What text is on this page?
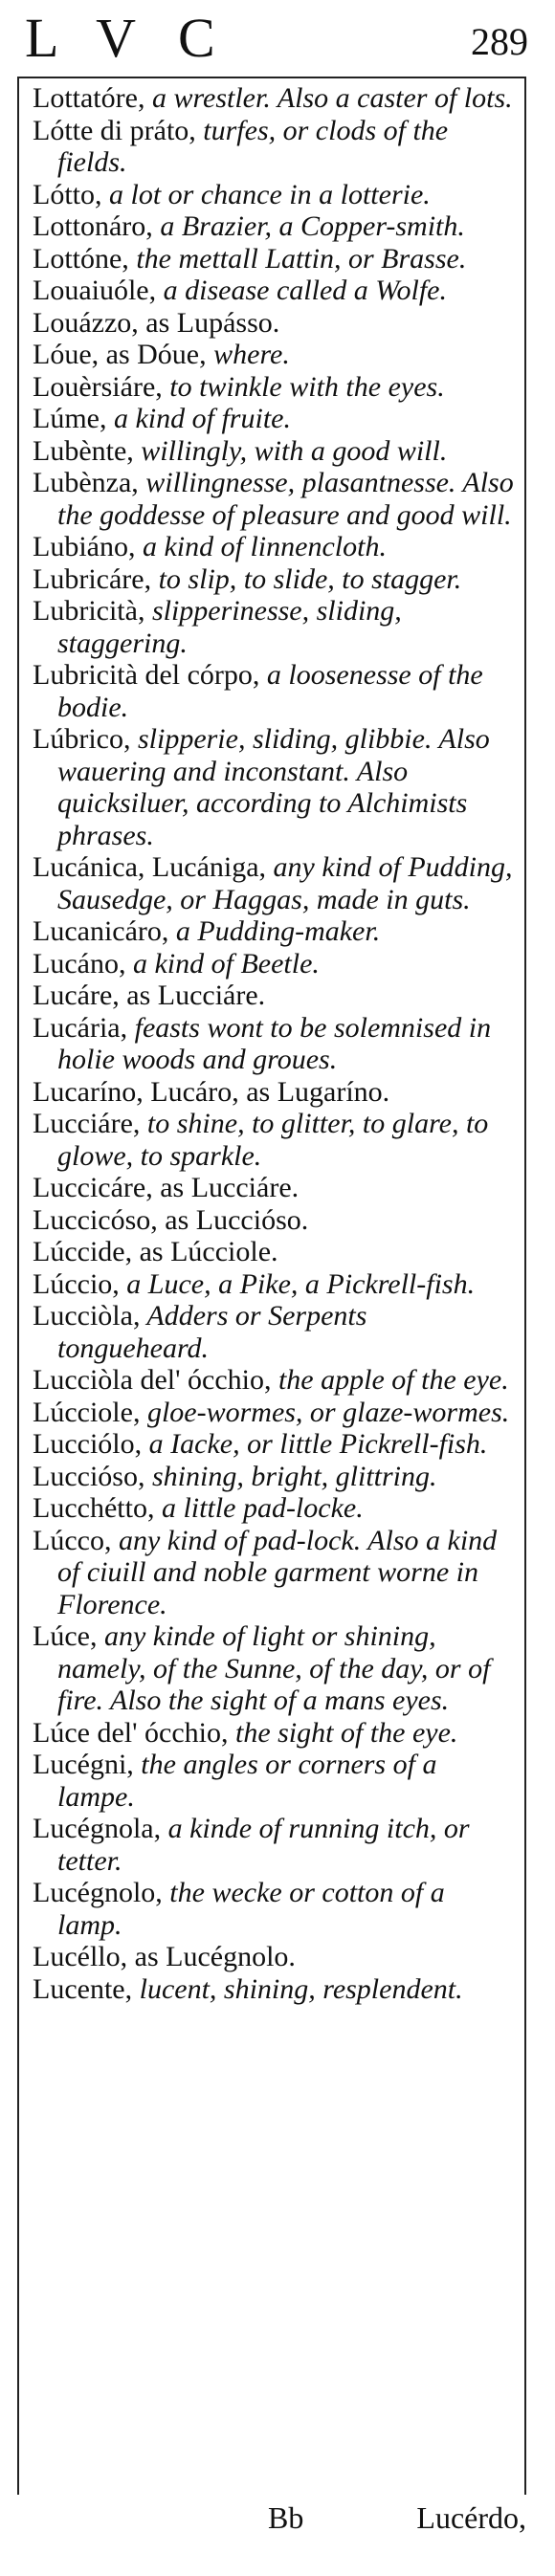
LVC	289

Lottatóre, a wrestler. Also a caster of lots.

Lótte di práto, turfes, or clods of the fields.

Lótto, a lot or chance in a lotterie.

Lottonáro, a Brazier, a Copper-smith.

Lottóne, the mettall Lattin, or Brasse.

Louaiuóle, a disease called a Wolfe.

Louázzo, as Lupásso.

Lóue, as Dóue, where.

Louèrsiáre, to twinkle with the eyes.

Lúme, a kind of fruite.

Lubènte, willingly, with a good will.

Lubènza, willingnesse, plasantnesse. Also the goddesse of pleasure and good will.

Lubiáno, a kind of linnencloth.

Lubricáre, to slip, to slide, to stagger.

Lubricità, slipperinesse, sliding, staggering.

Lubricità del córpo, a loosenesse of the bodie.

Lúbrico, slipperie, sliding, glibbie. Also wauering and inconstant. Also quicksiluer, according to Alchimists phrases.

Lucánica, Lucániga, any kind of Pudding, Sausedge, or Haggas, made in guts.

Lucanicáro, a Pudding-maker.

Lucáno, a kind of Beetle.

Lucáre, as Lucciáre.

Lucária, feasts wont to be solemnised in holie woods and groues.

Lucaríno, Lucáro, as Lugaríno.

Lucciáre, to shine, to glitter, to glare, to glowe, to sparkle.

Luccicáre, as Lucciáre.

Luccicóso, as Lucciósо.

Lúccide, as Lúcciole.

Lúccio, a Luce, a Pike, a Pickrell-fish.

Lucciòla, Adders or Serpents tongueheard.

Lucciòla del' ócchio, the apple of the eye.

Lúcciole, gloe-wormes, or glaze-wormes.

Lucciólo, a Iacke, or little Pickrell-fish.

Luccióso, shining, bright, glittring.

Lucchétto, a little pad-locke.

Lúcco, any kind of pad-lock. Also a kind of ciuill and noble garment worne in Florence.

Lúce, any kinde of light or shining, namely, of the Sunne, of the day, or of fire. Also the sight of a mans eyes.

Lúce del' ócchio, the sight of the eye.

Lucégni, the angles or corners of a lampe.

Lucégnola, a kinde of running itch, or tetter.

Lucégnolo, the wecke or cotton of a lamp.

Lucéllo, as Lucégnolo.

Lucente, lucent, shining, resplendent.

Bb	Lucérdo,
